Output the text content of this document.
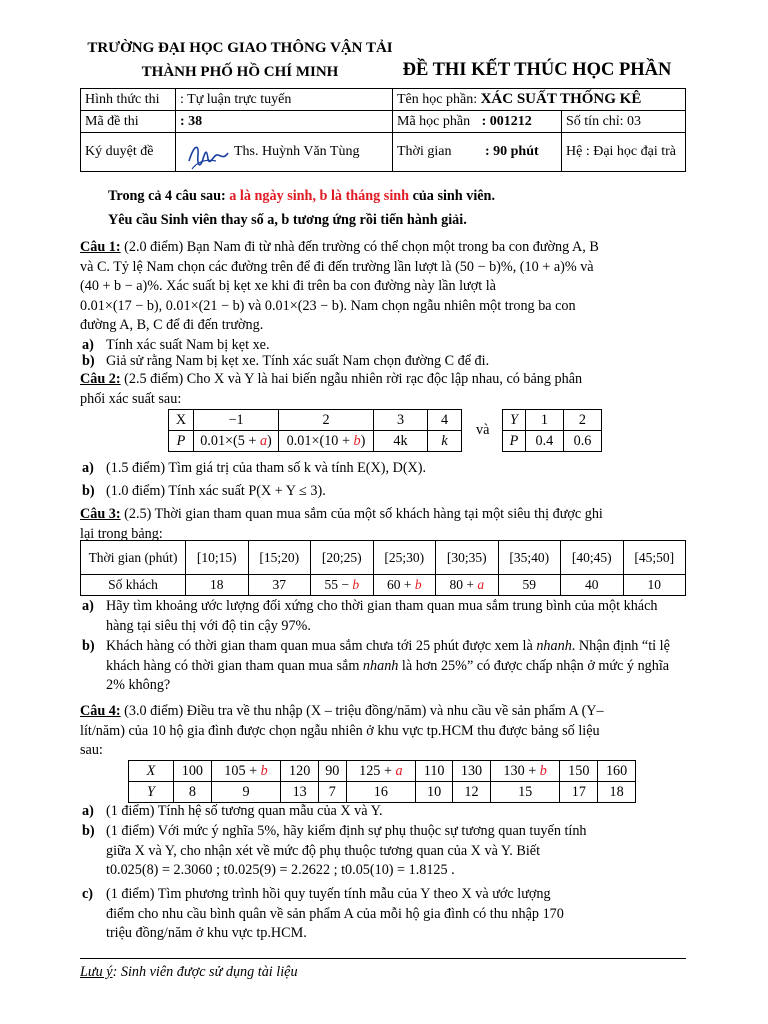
TRƯỜNG ĐẠI HỌC GIAO THÔNG VẬN TẢI
THÀNH PHỐ HỒ CHÍ MINH	ĐỀ THI KẾT THÚC HỌC PHẦN
Hình thức thi	: Tự luận trực tuyến	Tên học phần: XÁC SUẤT THỐNG KÊ	
Mã đề thi	: 38	Mã học phần : 001212	Số tín chỉ: 03
Ký duyệt đề	Ths. Huỳnh Văn Tùng	Thời gian : 90 phút	Hệ : Đại học đại trà
Trong cả 4 câu sau: a là ngày sinh, b là tháng sinh của sinh viên.
Yêu cầu Sinh viên thay số a, b tương ứng rồi tiến hành giải.
Câu 1: (2.0 điểm) Bạn Nam đi từ nhà đến trường có thể chọn một trong ba con đường A, B
và C. Tỷ lệ Nam chọn các đường trên để đi đến trường lần lượt là (50 − b)%, (10 + a)% và
(40 + b − a)%. Xác suất bị kẹt xe khi đi trên ba con đường này lần lượt là
0.01×(17 − b), 0.01×(21 − b) và 0.01×(23 − b). Nam chọn ngẫu nhiên một trong ba con
đường A, B, C để đi đến trường.
a) Tính xác suất Nam bị kẹt xe.
b) Giả sử rằng Nam bị kẹt xe. Tính xác suất Nam chọn đường C để đi.
Câu 2: (2.5 điểm) Cho X và Y là hai biến ngẫu nhiên rời rạc độc lập nhau, có bảng phân
phối xác suất sau:
X	−1	2	3	4
P	0.01×(5 + a)	0.01×(10 + b)	4k	k
và
Y	1	2
P	0.4	0.6
a) (1.5 điểm) Tìm giá trị của tham số k và tính E(X), D(X).
b) (1.0 điểm) Tính xác suất P(X + Y ≤ 3).
Câu 3: (2.5) Thời gian tham quan mua sắm của một số khách hàng tại một siêu thị được ghi
lại trong bảng:
Thời gian (phút)	[10;15)	[15;20)	[20;25)	[25;30)	[30;35)	[35;40)	[40;45)	[45;50]
Số khách	18	37	55 − b	60 + b	80 + a	59	40	10
a) Hãy tìm khoảng ước lượng đối xứng cho thời gian tham quan mua sắm trung bình của một khách hàng tại siêu thị với độ tin cậy 97%.
b) Khách hàng có thời gian tham quan mua sắm chưa tới 25 phút được xem là nhanh. Nhận định “tỉ lệ khách hàng có thời gian tham quan mua sắm nhanh là hơn 25%” có được chấp nhận ở mức ý nghĩa 2% không?
Câu 4: (3.0 điểm) Điều tra về thu nhập (X – triệu đồng/năm) và nhu cầu về sản phẩm A (Y–
lít/năm) của 10 hộ gia đình được chọn ngẫu nhiên ở khu vực tp.HCM thu được bảng số liệu
sau:
X	100	105 + b	120	90	125 + a	110	130	130 + b	150	160
Y	8	9	13	7	16	10	12	15	17	18
a) (1 điểm) Tính hệ số tương quan mẫu của X và Y.
b) (1 điểm) Với mức ý nghĩa 5%, hãy kiểm định sự phụ thuộc sự tương quan tuyến tính
giữa X và Y, cho nhận xét về mức độ phụ thuộc tương quan của X và Y. Biết
t0.025(8) = 2.3060 ; t0.025(9) = 2.2622 ; t0.05(10) = 1.8125 .
c) (1 điểm) Tìm phương trình hồi quy tuyến tính mẫu của Y theo X và ước lượng
điểm cho nhu cầu bình quân về sản phẩm A của mỗi hộ gia đình có thu nhập 170
triệu đồng/năm ở khu vực tp.HCM.
Lưu ý: Sinh viên được sử dụng tài liệu
